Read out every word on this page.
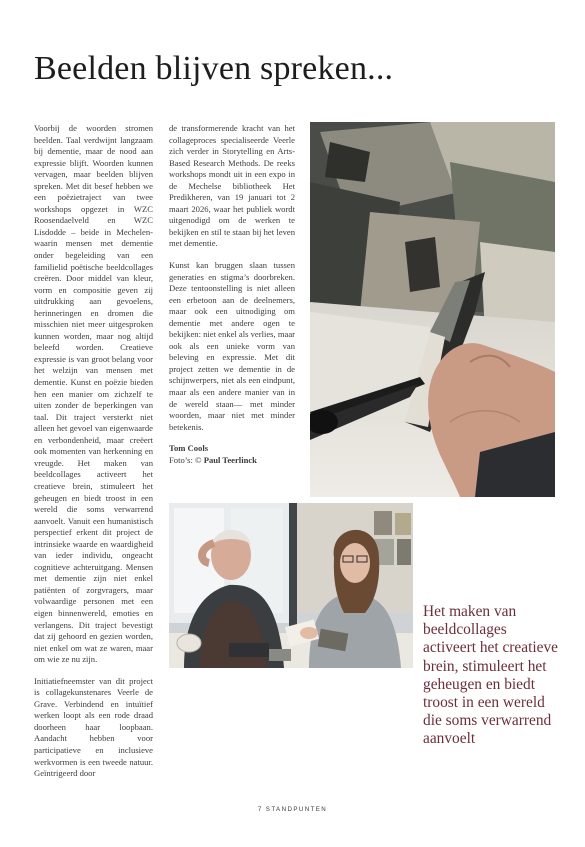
Beelden blijven spreken...

Voorbij de woorden stromen beelden. Taal verdwijnt langzaam bij dementie, maar de nood aan expressie blijft. Woorden kunnen vervagen, maar beelden blijven spreken. Met dit besef hebben we een poëzietraject van twee workshops opgezet in WZC Roosendaelveld en WZC Lisdodde – beide in Mechelen- waarin mensen met dementie onder begeleiding van een familielid poëtische beeldcollages creëren. Door middel van kleur, vorm en compositie geven zij uitdrukking aan gevoelens, herinneringen en dromen die misschien niet meer uitgesproken kunnen worden, maar nog altijd beleefd worden. Creatieve expressie is van groot belang voor het welzijn van mensen met dementie. Kunst en poëzie bieden hen een manier om zichzelf te uiten zonder de beperkingen van taal. Dit traject versterkt niet alleen het gevoel van eigenwaarde en verbondenheid, maar creëert ook momenten van herkenning en vreugde. Het maken van beeldcollages activeert het creatieve brein, stimuleert het geheugen en biedt troost in een wereld die soms verwarrend aanvoelt. Vanuit een humanistisch perspectief erkent dit project de intrinsieke waarde en waardigheid van ieder individu, ongeacht cognitieve achteruitgang. Mensen met dementie zijn niet enkel patiënten of zorgvragers, maar volwaardige personen met een eigen binnenwereld, emoties en verlangens. Dit traject bevestigt dat zij gehoord en gezien worden, niet enkel om wat ze waren, maar om wie ze nu zijn.

Initiatiefneemster van dit project is collagekunstenares Veerle de Grave. Verbindend en intuïtief werken loopt als een rode draad doorheen haar loopbaan. Aandacht hebben voor participatieve en inclusieve werkvormen is een tweede natuur. Geïntrigeerd door

de transformerende kracht van het collageproces specialiseerde Veerle zich verder in Storytelling en Arts- Based Research Methods. De reeks workshops mondt uit in een expo in de Mechelse bibliotheek Het Predikheren, van 19 januari tot 2 maart 2026, waar het publiek wordt uitgenodigd om de werken te bekijken en stil te staan bij het leven met dementie.

Kunst kan bruggen slaan tussen generaties en stigma’s doorbreken. Deze tentoonstelling is niet alleen een erbetoon aan de deelnemers, maar ook een uitnodiging om dementie met andere ogen te bekijken: niet enkel als verlies, maar ook als een unieke vorm van beleving en expressie. Met dit project zetten we dementie in de schijnwerpers, niet als een eindpunt, maar als een andere manier van in de wereld staan— met minder woorden, maar niet met minder betekenis.

Tom Cools
Foto’s: © Paul Teerlinck

Het maken van beeldcollages activeert het creatieve brein, stimuleert het geheugen en biedt troost in een wereld die soms verwarrend aanvoelt

7 STANDPUNTEN
